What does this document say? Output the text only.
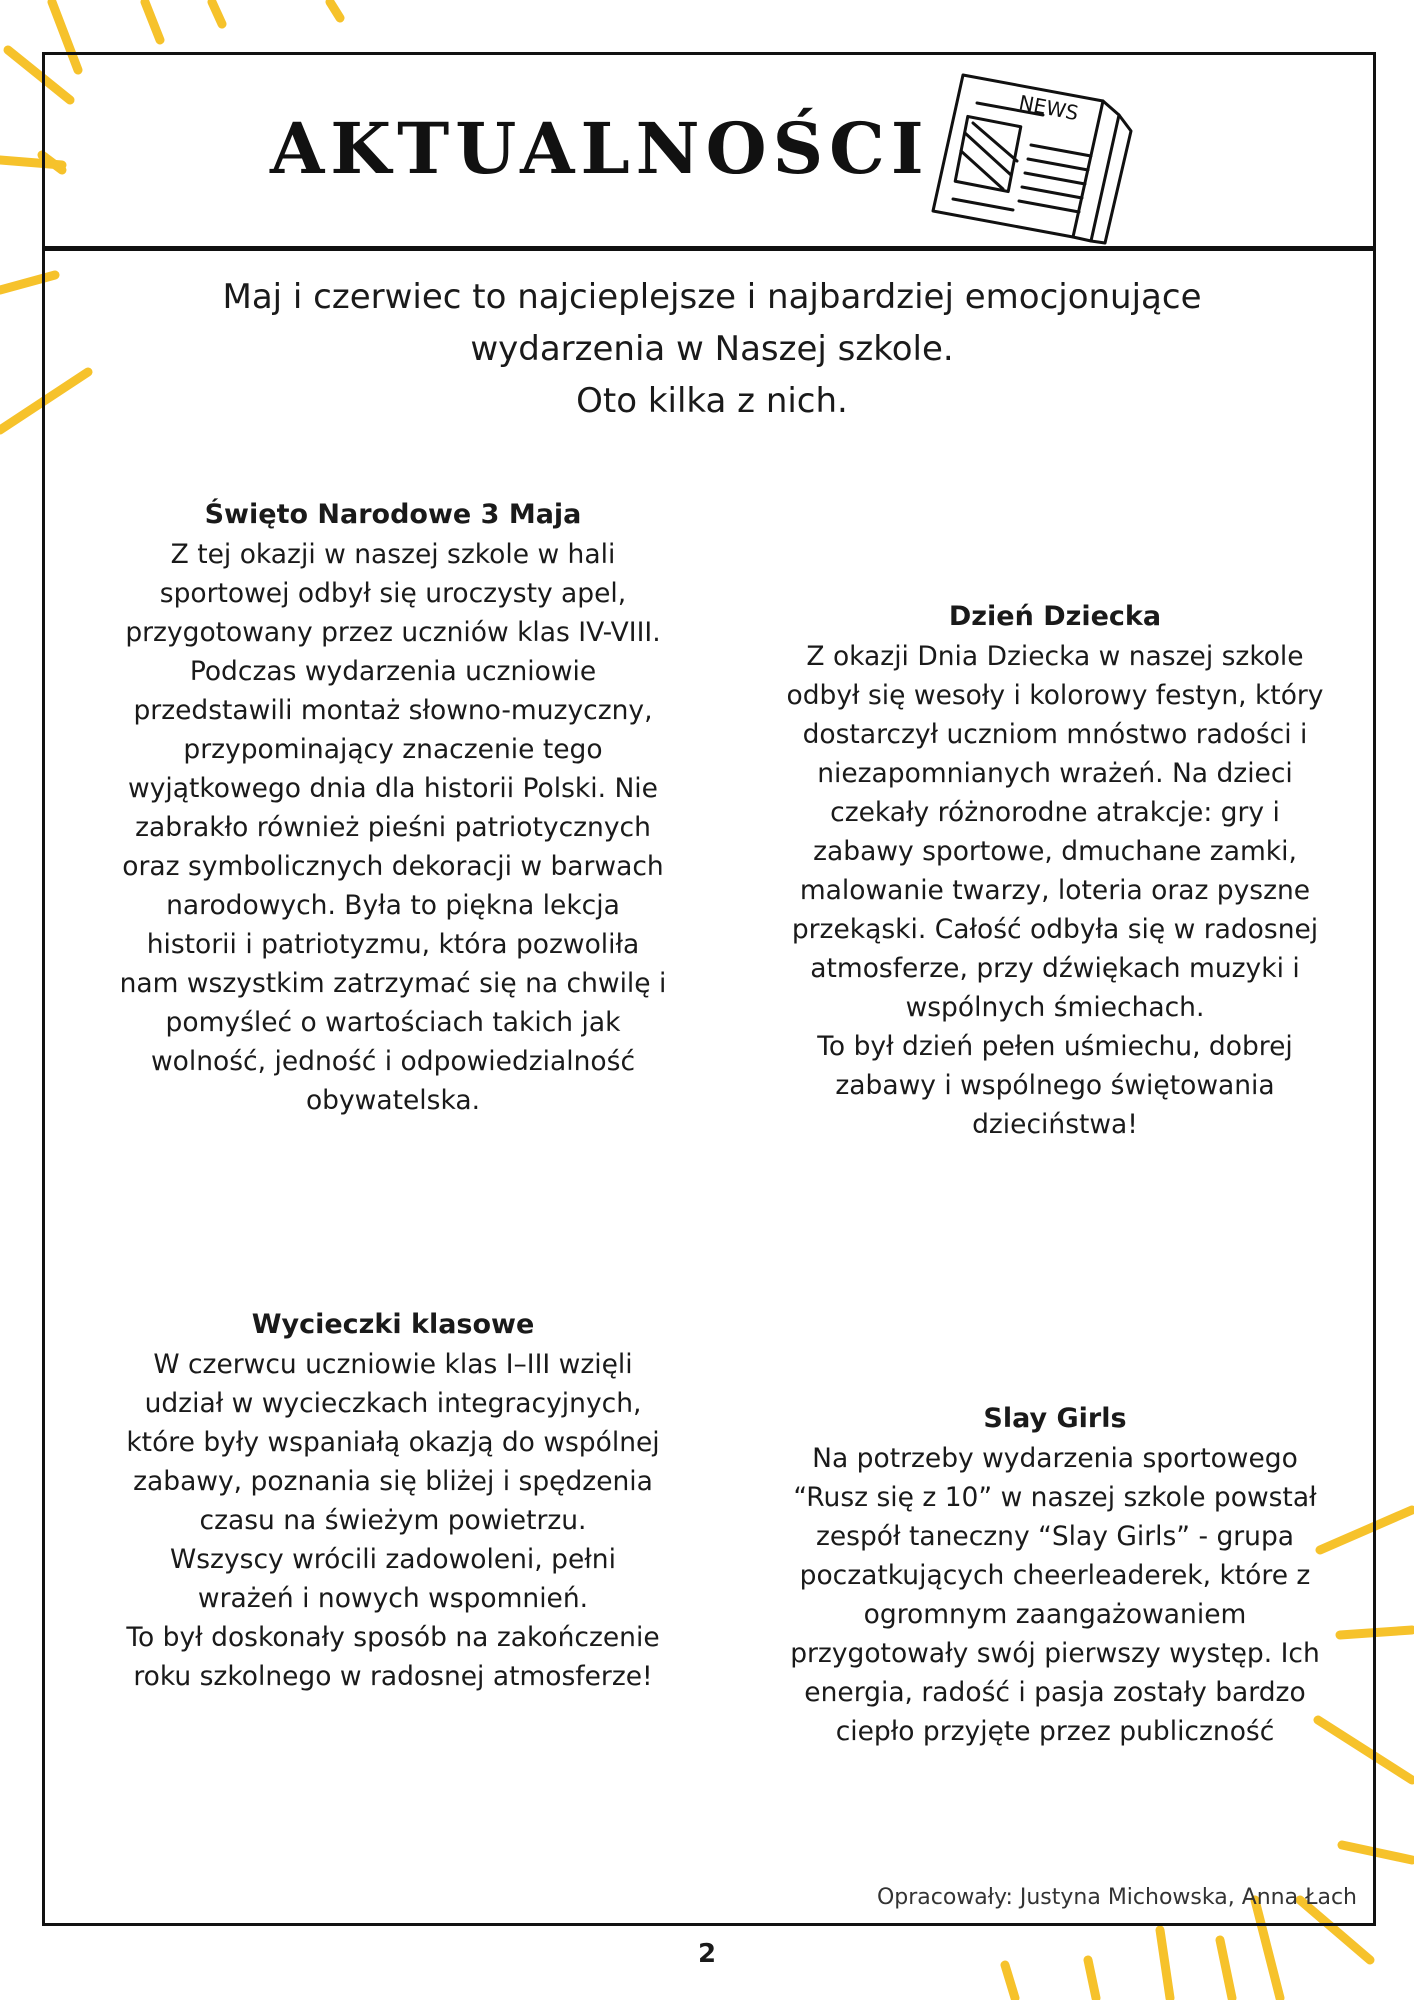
AKTUALNOŚCI	NEWS
Maj i czerwiec to najcieplejsze i najbardziej emocjonujące
wydarzenia w Naszej szkole.
Oto kilka z nich.
Święto Narodowe 3 Maja

Z tej okazji w naszej szkole w hali
sportowej odbył się uroczysty apel,
przygotowany przez uczniów klas IV-VIII.
Podczas wydarzenia uczniowie
przedstawili montaż słowno-muzyczny,
przypominający znaczenie tego
wyjątkowego dnia dla historii Polski. Nie
zabrakło również pieśni patriotycznych
oraz symbolicznych dekoracji w barwach
narodowych. Była to piękna lekcja
historii i patriotyzmu, która pozwoliła
nam wszystkim zatrzymać się na chwilę i
pomyśleć o wartościach takich jak
wolność, jedność i odpowiedzialność
obywatelska.

Dzień Dziecka

Z okazji Dnia Dziecka w naszej szkole
odbył się wesoły i kolorowy festyn, który
dostarczył uczniom mnóstwo radości i
niezapomnianych wrażeń. Na dzieci
czekały różnorodne atrakcje: gry i
zabawy sportowe, dmuchane zamki,
malowanie twarzy, loteria oraz pyszne
przekąski. Całość odbyła się w radosnej
atmosferze, przy dźwiękach muzyki i
wspólnych śmiechach.
To był dzień pełen uśmiechu, dobrej
zabawy i wspólnego świętowania
dzieciństwa!

Wycieczki klasowe

W czerwcu uczniowie klas I–III wzięli
udział w wycieczkach integracyjnych,
które były wspaniałą okazją do wspólnej
zabawy, poznania się bliżej i spędzenia
czasu na świeżym powietrzu.
Wszyscy wrócili zadowoleni, pełni
wrażeń i nowych wspomnień.
To był doskonały sposób na zakończenie
roku szkolnego w radosnej atmosferze!

Slay Girls

Na potrzeby wydarzenia sportowego
“Rusz się z 10” w naszej szkole powstał
zespół taneczny “Slay Girls” - grupa
poczatkujących cheerleaderek, które z
ogromnym zaangażowaniem
przygotowały swój pierwszy występ. Ich
energia, radość i pasja zostały bardzo
ciepło przyjęte przez publiczność

Opracowały: Justyna Michowska, Anna Łach
2
